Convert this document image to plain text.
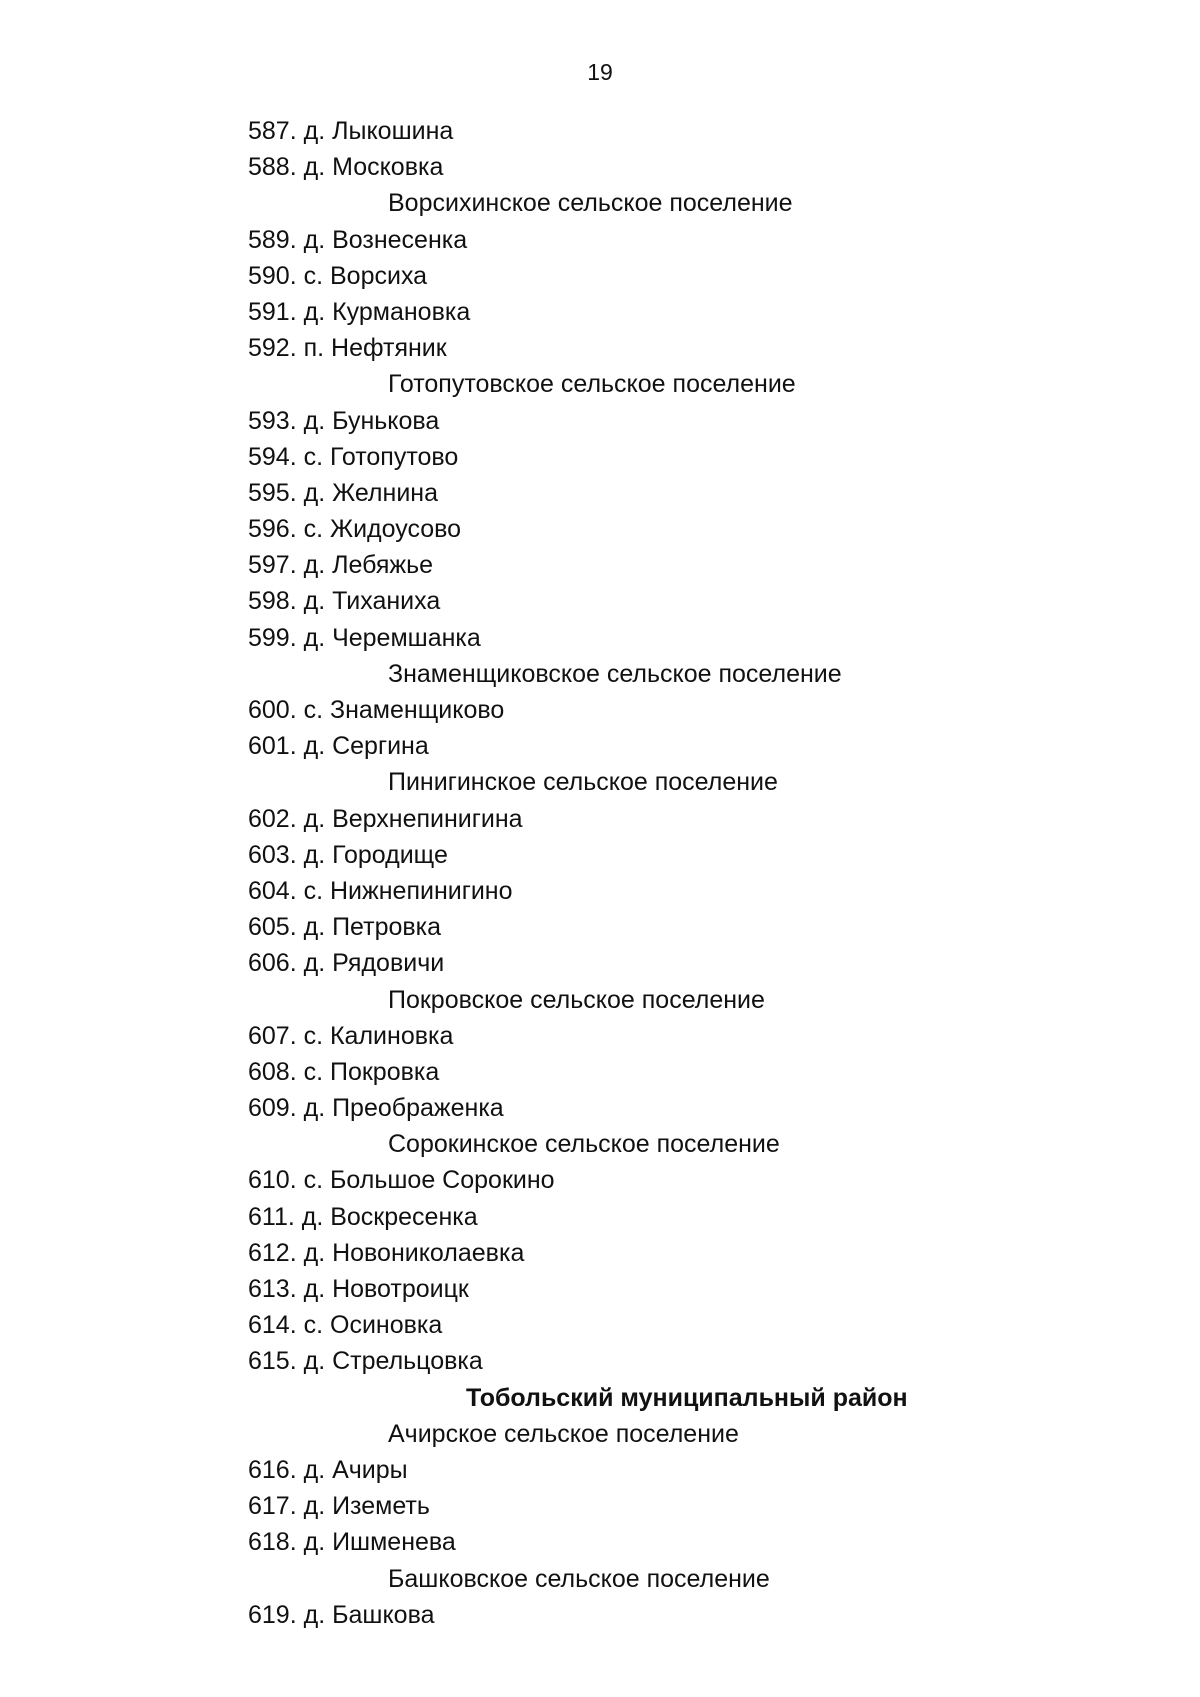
19
587. д. Лыкошина
588. д. Московка
Ворсихинское сельское поселение
589. д. Вознесенка
590. с. Ворсиха
591. д. Курмановка
592. п. Нефтяник
Готопутовское сельское поселение
593. д. Бунькова
594. с. Готопутово
595. д. Желнина
596. с. Жидоусово
597. д. Лебяжье
598. д. Тиханиха
599. д. Черемшанка
Знаменщиковское сельское поселение
600. с. Знаменщиково
601. д. Сергина
Пинигинское сельское поселение
602. д. Верхнепинигина
603. д. Городище
604. с. Нижнепинигино
605. д. Петровка
606. д. Рядовичи
Покровское сельское поселение
607. с. Калиновка
608. с. Покровка
609. д. Преображенка
Сорокинское сельское поселение
610. с. Большое Сорокино
611. д. Воскресенка
612. д. Новониколаевка
613. д. Новотроицк
614. с. Осиновка
615. д. Стрельцовка
Тобольский муниципальный район
Ачирское сельское поселение
616. д. Ачиры
617. д. Иземеть
618. д. Ишменева
Башковское сельское поселение
619. д. Башкова
